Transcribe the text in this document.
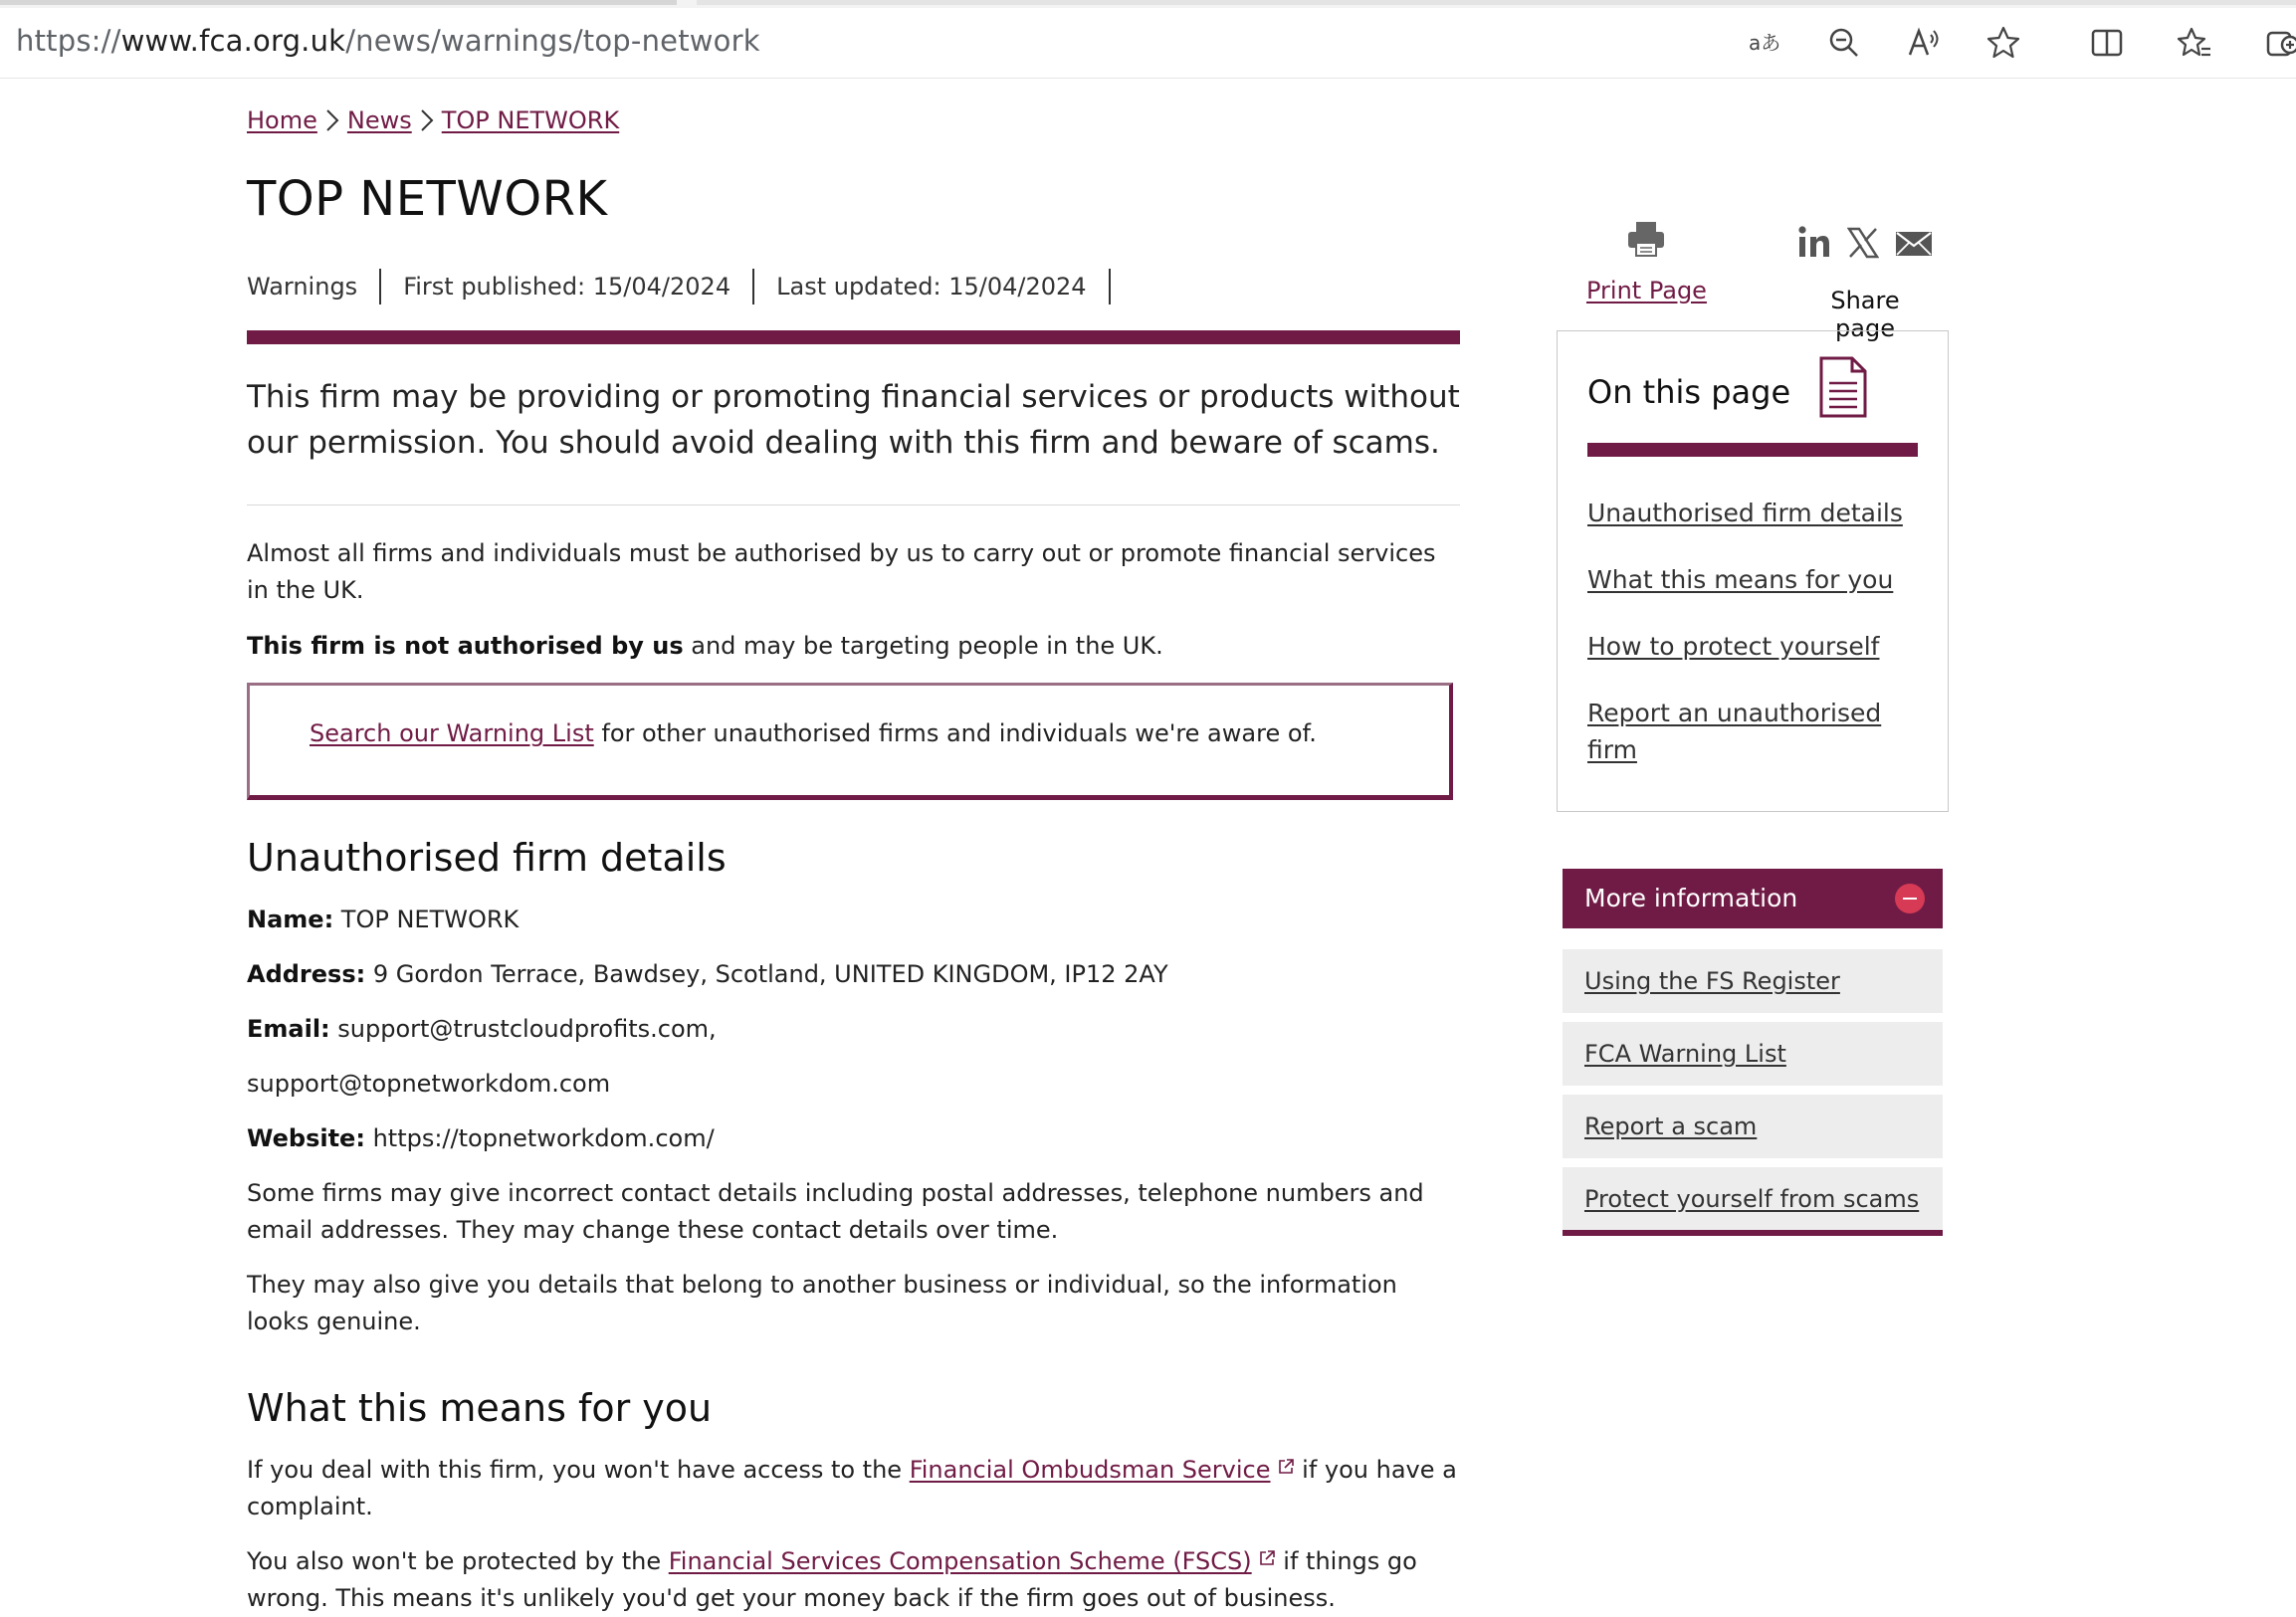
https://www.fca.org.uk/news/warnings/top-network	aあ
Home News TOP NETWORK
TOP NETWORK
Warnings	First published: 15/04/2024	Last updated: 15/04/2024

This firm may be providing or promoting financial services or products without our permission. You should avoid dealing with this firm and beware of scams.

Almost all firms and individuals must be authorised by us to carry out or promote financial services in the UK.

This firm is not authorised by us and may be targeting people in the UK.

Search our Warning List for other unauthorised firms and individuals we're aware of.

Unauthorised firm details

Name: TOP NETWORK

Address: 9 Gordon Terrace, Bawdsey, Scotland, UNITED KINGDOM, IP12 2AY

Email: support@trustcloudprofits.com,

support@topnetworkdom.com

Website: https://topnetworkdom.com/

Some firms may give incorrect contact details including postal addresses, telephone numbers and email addresses. They may change these contact details over time.

They may also give you details that belong to another business or individual, so the information looks genuine.

What this means for you

If you deal with this firm, you won't have access to the Financial Ombudsman Service if you have a complaint.

You also won't be protected by the Financial Services Compensation Scheme (FSCS) if things go wrong. This means it's unlikely you'd get your money back if the firm goes out of business.

Print Page	Share page
On this page
Unauthorised firm details
What this means for you
How to protect yourself
Report an unauthorised firm
More information
Using the FS Register
FCA Warning List
Report a scam
Protect yourself from scams
